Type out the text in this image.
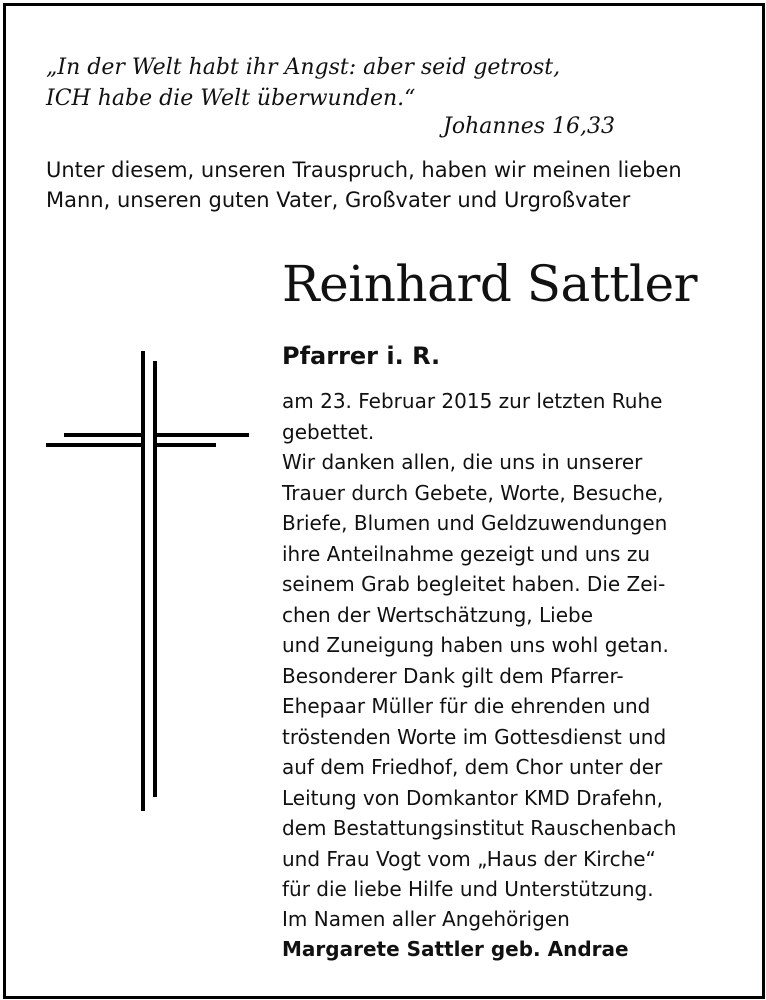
„In der Welt habt ihr Angst: aber seid getrost,
ICH habe die Welt überwunden.“

Johannes 16,33

Unter diesem, unseren Trauspruch, haben wir meinen lieben
Mann, unseren guten Vater, Großvater und Urgroßvater

Reinhard Sattler
Pfarrer i. R.

am 23. Februar 2015 zur letzten Ruhe
gebettet.
Wir danken allen, die uns in unserer
Trauer durch Gebete, Worte, Besuche,
Briefe, Blumen und Geldzuwendungen
ihre Anteilnahme gezeigt und uns zu
seinem Grab begleitet haben. Die Zei-
chen der Wertschätzung, Liebe
und Zuneigung haben uns wohl getan.
Besonderer Dank gilt dem Pfarrer-
Ehepaar Müller für die ehrenden und
tröstenden Worte im Gottesdienst und
auf dem Friedhof, dem Chor unter der
Leitung von Domkantor KMD Drafehn,
dem Bestattungsinstitut Rauschenbach
und Frau Vogt vom „Haus der Kirche“
für die liebe Hilfe und Unterstützung.

Im Namen aller Angehörigen
Margarete Sattler geb. Andrae
